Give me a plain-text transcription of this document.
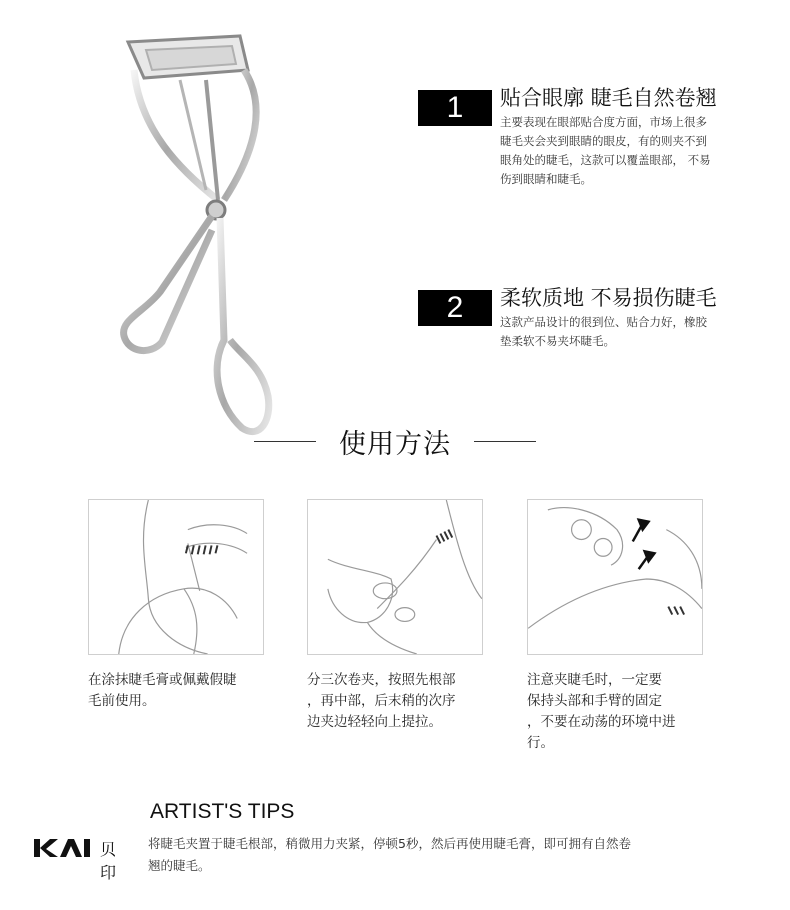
1	贴合眼廓 睫毛自然卷翘
主要表现在眼部贴合度方面，市场上很多
睫毛夹会夹到眼睛的眼皮，有的则夹不到
眼角处的睫毛，这款可以覆盖眼部， 不易
伤到眼睛和睫毛。
2	柔软质地 不易损伤睫毛
这款产品设计的很到位、贴合力好，橡胶
垫柔软不易夹坏睫毛。
使用方法
在涂抹睫毛膏或佩戴假睫
毛前使用。
分三次卷夹，按照先根部
，再中部，后末稍的次序
边夹边轻轻向上提拉。
注意夹睫毛时，一定要
保持头部和手臂的固定
，不要在动荡的环境中进
行。
ARTIST'S TIPS
贝印
将睫毛夹置于睫毛根部，稍微用力夹紧，停顿5秒，然后再使用睫毛膏，即可拥有自然卷
翘的睫毛。
